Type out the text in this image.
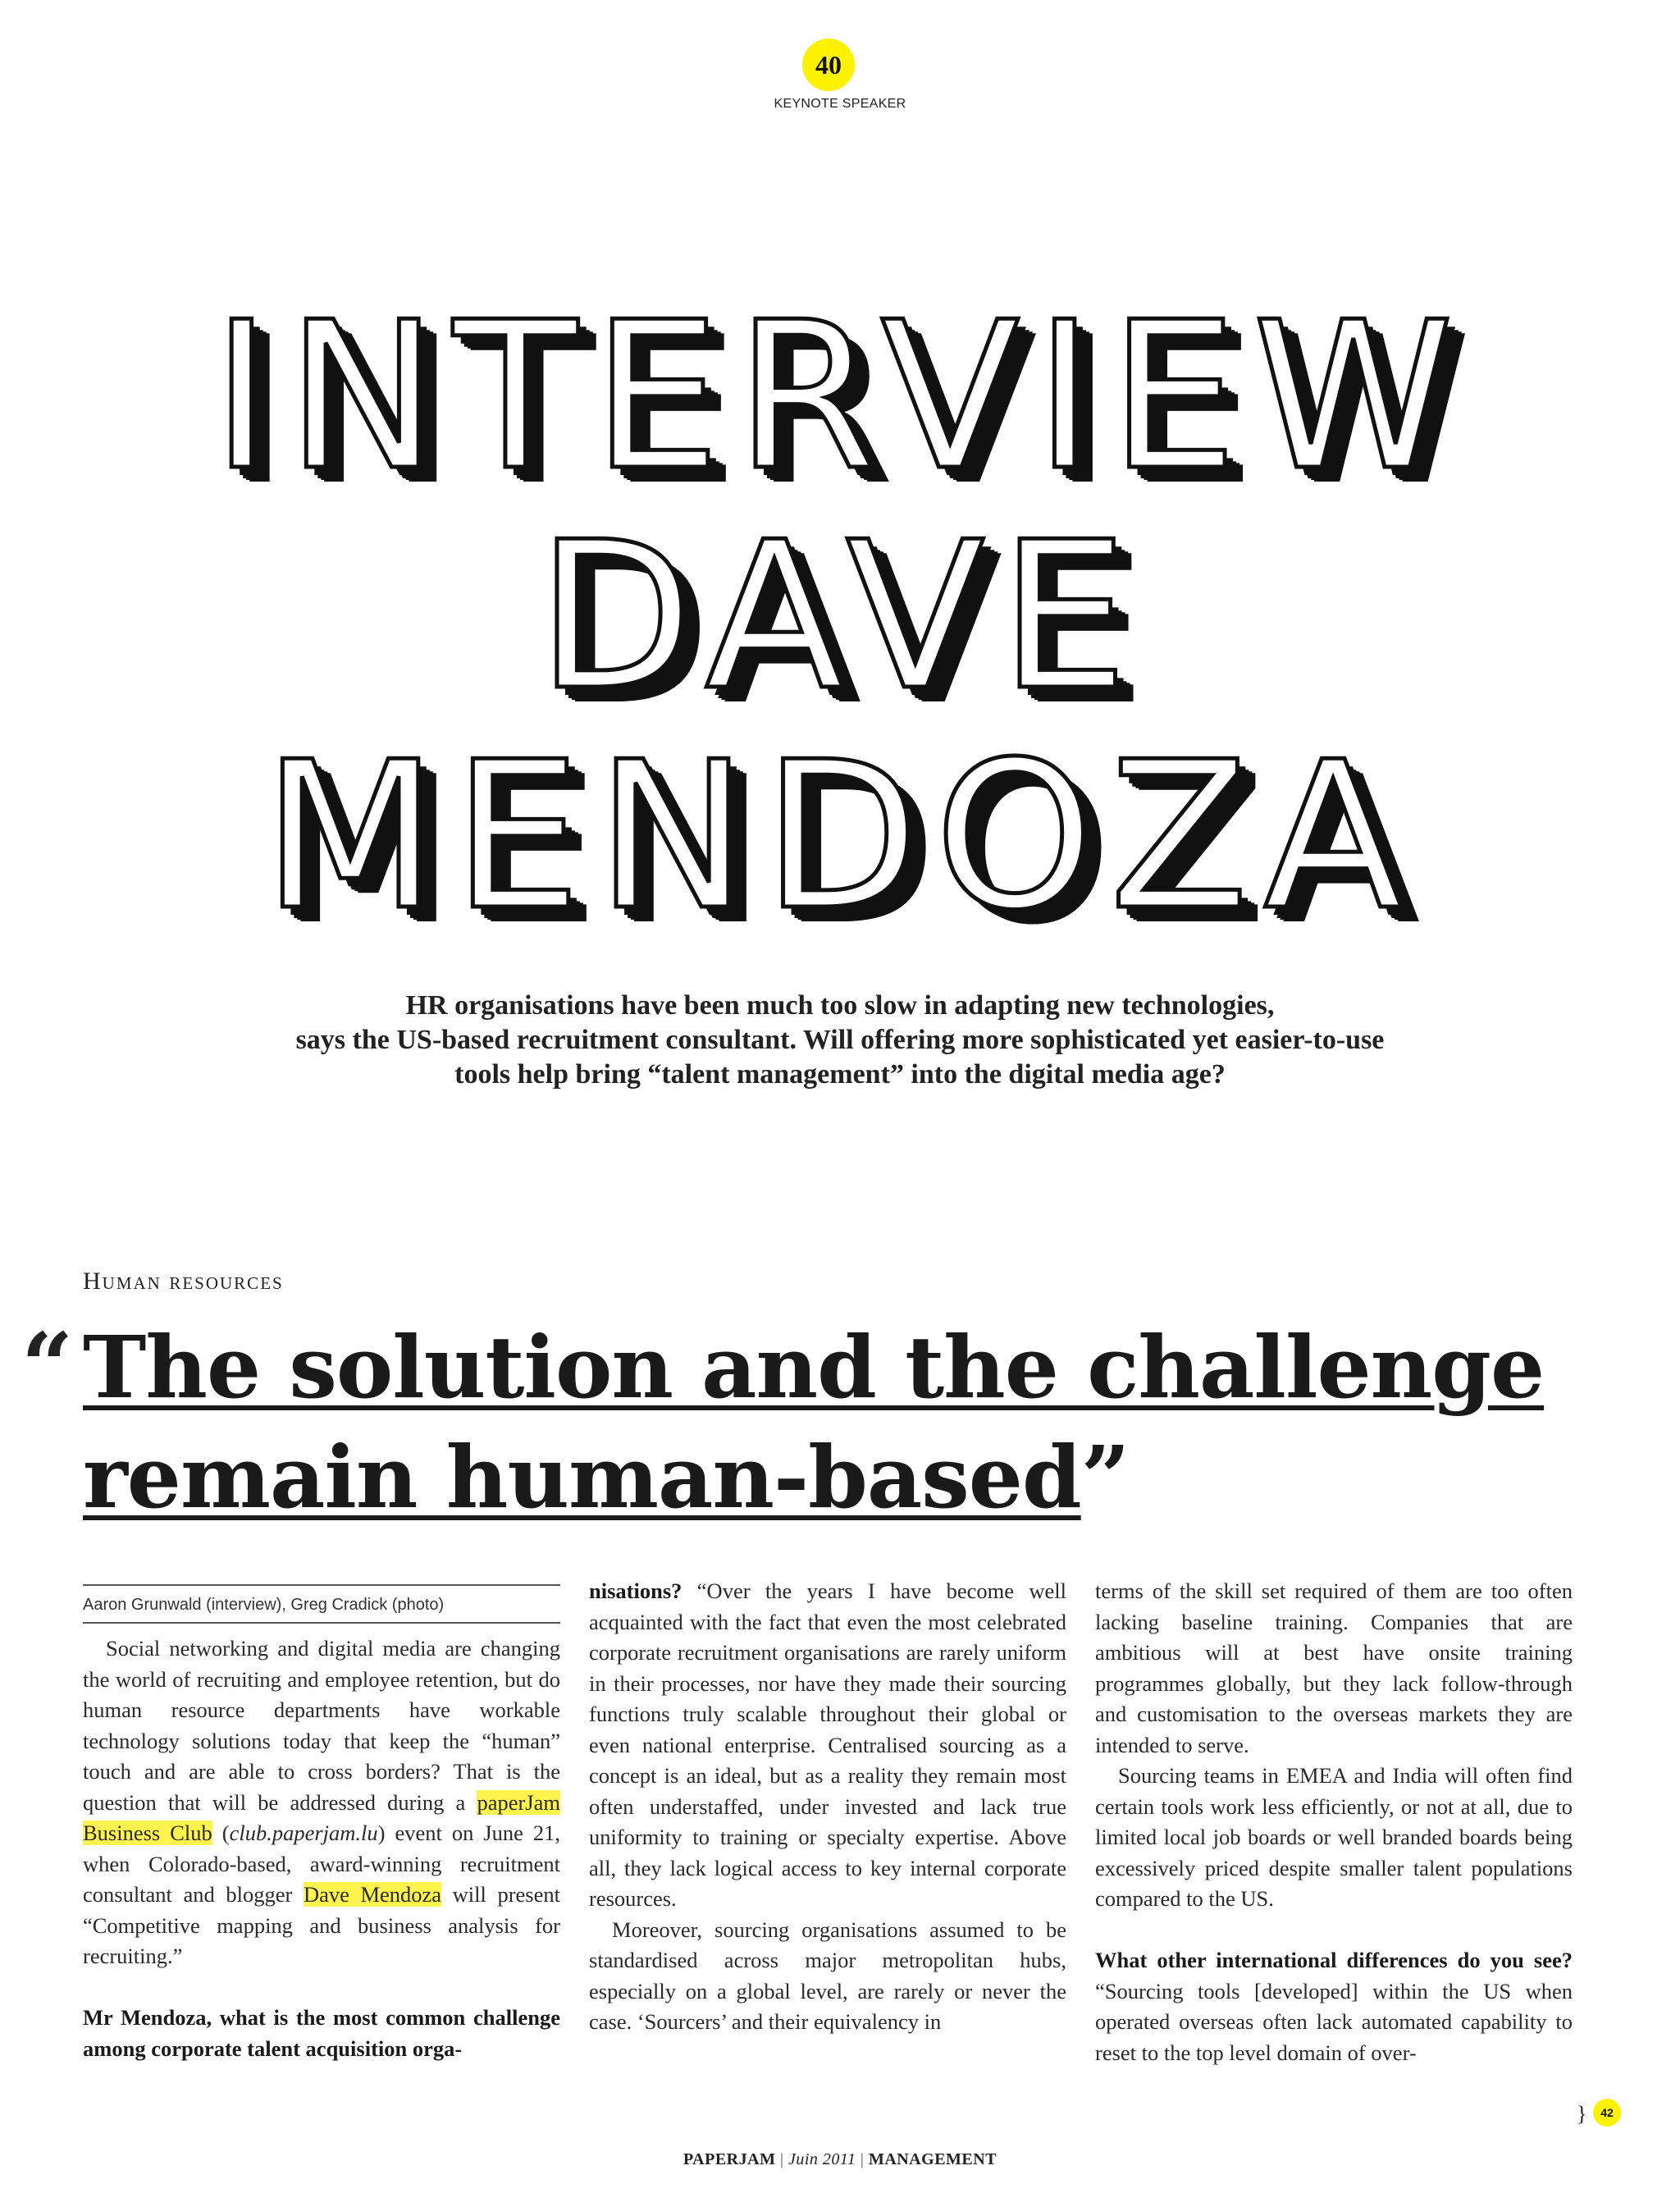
40
KEYNOTE SPEAKER
INTERVIEW
DAVE
MENDOZA
HR organisations have been much too slow in adapting new technologies,
says the US-based recruitment consultant. Will offering more sophisticated yet easier-to-use
tools help bring “talent management” into the digital media age?
Human resources
“ The solution and the challenge remain human-based”
Aaron Grunwald (interview), Greg Cradick (photo)

Social networking and digital media are changing the world of recruiting and employee retention, but do human resource departments have workable technology solutions today that keep the “human” touch and are able to cross borders? That is the question that will be addressed during a paperJam Business Club (club.paperjam.lu) event on June 21, when Colorado-based, award-winning recruitment consultant and blogger Dave Mendoza will present “Competitive mapping and business analysis for recruiting.”

Mr Mendoza, what is the most common challenge among corporate talent acquisition orga-

nisations? “Over the years I have become well acquainted with the fact that even the most celebrated corporate recruitment organisations are rarely uniform in their processes, nor have they made their sourcing functions truly scalable throughout their global or even national enterprise. Centralised sourcing as a concept is an ideal, but as a reality they remain most often understaffed, under invested and lack true uniformity to training or specialty expertise. Above all, they lack logical access to key internal corporate resources.

Moreover, sourcing organisations assumed to be standardised across major metropolitan hubs, especially on a global level, are rarely or never the case. ‘Sourcers’ and their equivalency in

terms of the skill set required of them are too often lacking baseline training. Companies that are ambitious will at best have onsite training programmes globally, but they lack follow-through and customisation to the overseas markets they are intended to serve.

Sourcing teams in EMEA and India will often find certain tools work less efficiently, or not at all, due to limited local job boards or well branded boards being excessively priced despite smaller talent populations compared to the US.

What other international differences do you see? “Sourcing tools [developed] within the US when operated overseas often lack automated capability to reset to the top level domain of over-

}	42
PAPERJAM | Juin 2011 | MANAGEMENT
